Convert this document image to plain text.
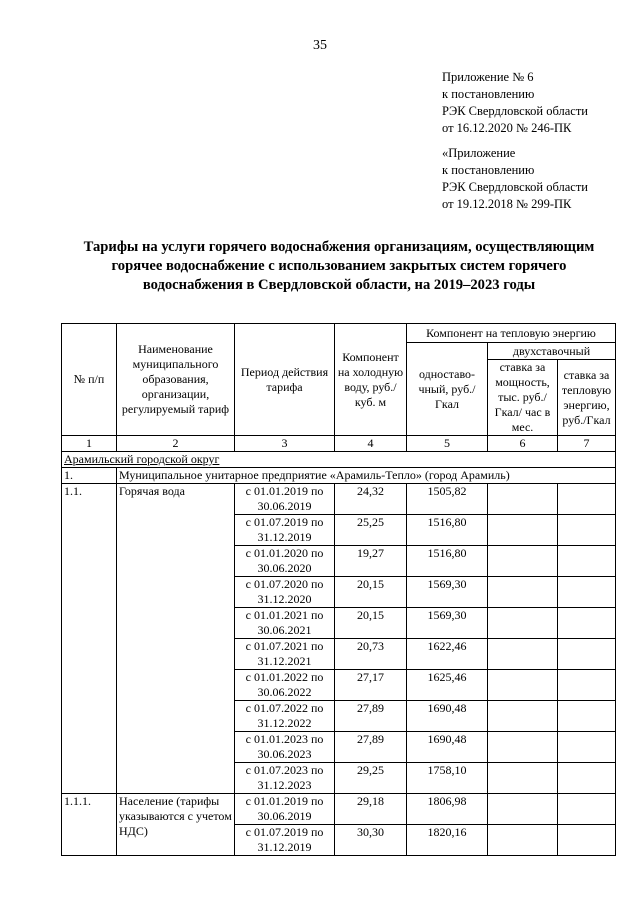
35
Приложение № 6
к постановлению
РЭК Свердловской области
от 16.12.2020 № 246-ПК
«Приложение
к постановлению
РЭК Свердловской области
от 19.12.2018 № 299-ПК
Тарифы на услуги горячего водоснабжения организациям, осуществляющим
горячее водоснабжение с использованием закрытых систем горячего
водоснабжения в Свердловской области, на 2019–2023 годы
№ п/п	Наименование муниципального образования, организации, регулируемый тариф	Период действия тарифа	Компонент на холодную воду, руб./куб. м	Компонент на тепловую энергию		
				одноставо-чный, руб./Гкал	двухставочный	
					ставка за мощность, тыс. руб./Гкал/ час в мес.	ставка за тепловую энергию, руб./Гкал
1	2	3	4	5	6	7
Арамильский городской округ						
1.	Муниципальное унитарное предприятие «Арамиль-Тепло» (город Арамиль)					
1.1.	Горячая вода	с 01.01.2019 по 30.06.2019	24,32	1505,82		
		с 01.07.2019 по 31.12.2019	25,25	1516,80		
		с 01.01.2020 по 30.06.2020	19,27	1516,80		
		с 01.07.2020 по 31.12.2020	20,15	1569,30		
		с 01.01.2021 по 30.06.2021	20,15	1569,30		
		с 01.07.2021 по 31.12.2021	20,73	1622,46		
		с 01.01.2022 по 30.06.2022	27,17	1625,46		
		с 01.07.2022 по 31.12.2022	27,89	1690,48		
		с 01.01.2023 по 30.06.2023	27,89	1690,48		
		с 01.07.2023 по 31.12.2023	29,25	1758,10		
1.1.1.	Население (тарифы указываются с учетом НДС)	с 01.01.2019 по 30.06.2019	29,18	1806,98		
		с 01.07.2019 по 31.12.2019	30,30	1820,16		
